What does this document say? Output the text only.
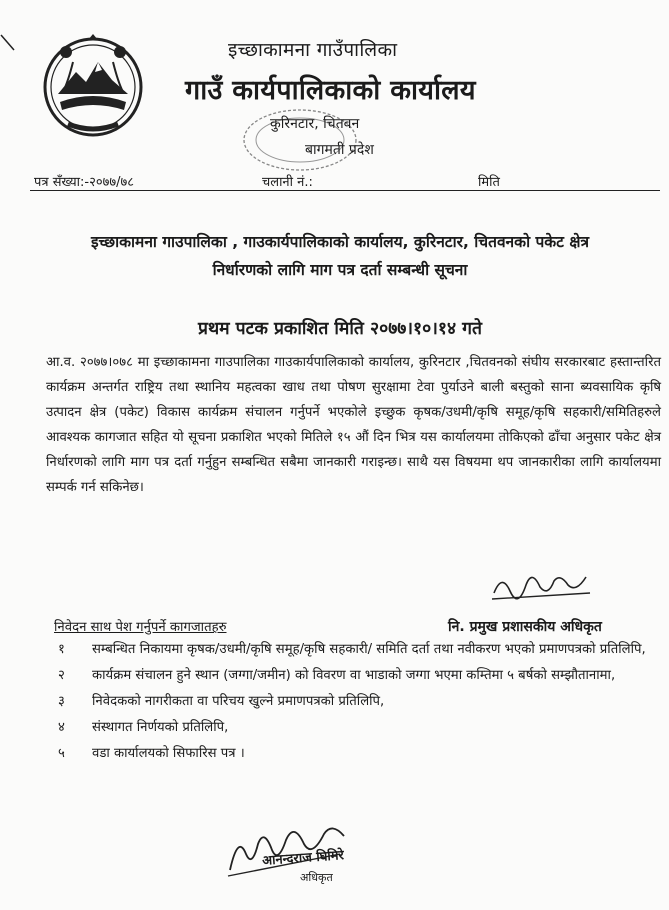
इच्छाकामना गाउँपालिका
गाउँ कार्यपालिकाको कार्यालय
कुरिनटार, चितवन
बागमती प्रदेश
पत्र सँख्या:-२०७७/७८	चलानी नं.:	मिति
इच्छाकामना गाउपालिका , गाउकार्यपालिकाको कार्यालय, कुरिनटार, चितवनको पकेट क्षेत्र
निर्धारणको लागि माग पत्र दर्ता सम्बन्धी सूचना
प्रथम पटक प्रकाशित मिति २०७७।१०।१४ गते
आ.व. २०७७।०७८ मा इच्छाकामना गाउपालिका गाउकार्यपालिकाको कार्यालय, कुरिनटार ,चितवनको संघीय सरकारबाट हस्तान्तरित कार्यक्रम अन्तर्गत राष्ट्रिय तथा स्थानिय महत्वका खाध तथा पोषण सुरक्षामा टेवा पुर्याउने बाली बस्तुको साना ब्यवसायिक कृषि उत्पादन क्षेत्र (पकेट) विकास कार्यक्रम संचालन गर्नुपर्ने भएकोले इच्छुक कृषक/उधमी/कृषि समूह/कृषि सहकारी/समितिहरुले आवश्यक कागजात सहित यो सूचना प्रकाशित भएको मितिले १५ औं दिन भित्र यस कार्यालयमा तोकिएको ढाँचा अनुसार पकेट क्षेत्र निर्धारणको लागि माग पत्र दर्ता गर्नुहुन सम्बन्धित सबैमा जानकारी गराइन्छ। साथै यस विषयमा थप जानकारीका लागि कार्यालयमा सम्पर्क गर्न सकिनेछ।
नि. प्रमुख प्रशासकीय अधिकृत
निवेदन साथ पेश गर्नुपर्ने कागजातहरु
१ सम्बन्धित निकायमा कृषक/उधमी/कृषि समूह/कृषि सहकारी/ समिति दर्ता तथा नवीकरण भएको प्रमाणपत्रको प्रतिलिपि,
२ कार्यक्रम संचालन हुने स्थान (जग्गा/जमीन) को विवरण वा भाडाको जग्गा भएमा कम्तिमा ५ बर्षको सम्झौतानामा,
३ निवेदकको नागरीकता वा परिचय खुल्ने प्रमाणपत्रको प्रतिलिपि,
४ संस्थागत निर्णयको प्रतिलिपि,
५ वडा कार्यालयको सिफारिस पत्र ।
आनन्दराज घिमिरे
अधिकृत
